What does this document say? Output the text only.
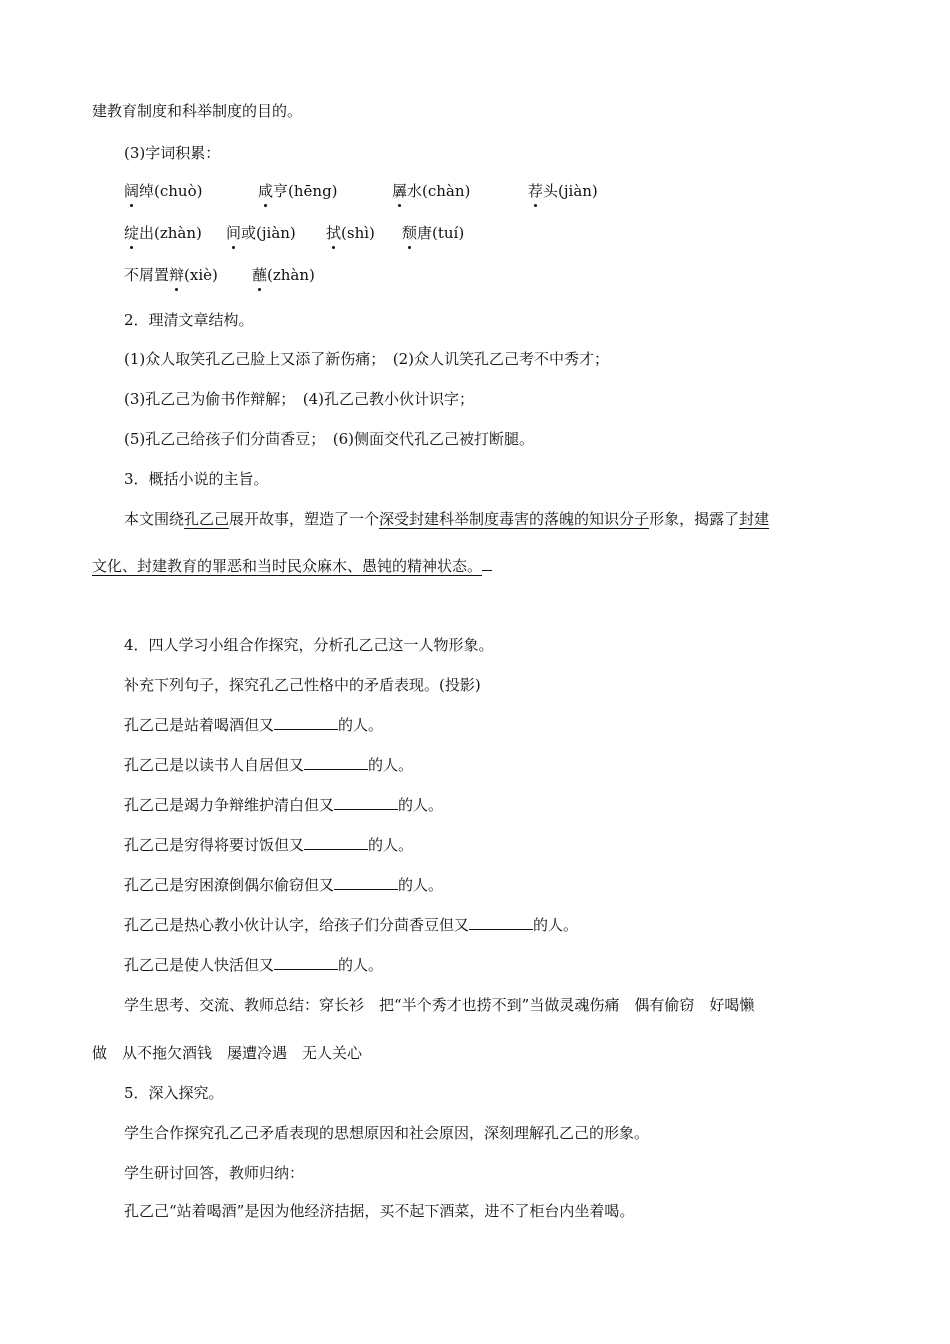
建教育制度和科举制度的目的。
(3)字词积累：
阔绰(chuò)	咸亨(hēng)	羼水(chàn)	荐头(jiàn)
绽出(zhàn) 间或(jiàn) 拭(shì) 颓唐(tuí)
不屑置辩(xiè) 蘸(zhàn)
2．理清文章结构。
(1)众人取笑孔乙己脸上又添了新伤痛；　(2)众人讥笑孔乙己考不中秀才；
(3)孔乙己为偷书作辩解；　(4)孔乙己教小伙计识字；
(5)孔乙己给孩子们分茴香豆；　(6)侧面交代孔乙己被打断腿。
3．概括小说的主旨。
本文围绕孔乙己展开故事，塑造了一个深受封建科举制度毒害的落魄的知识分子形象，揭露了封建
文化、封建教育的罪恶和当时民众麻木、愚钝的精神状态。
4．四人学习小组合作探究，分析孔乙己这一人物形象。
补充下列句子，探究孔乙己性格中的矛盾表现。(投影)
孔乙己是站着喝酒但又	的人。
孔乙己是以读书人自居但又	的人。
孔乙己是竭力争辩维护清白但又	的人。
孔乙己是穷得将要讨饭但又	的人。
孔乙己是穷困潦倒偶尔偷窃但又	的人。
孔乙己是热心教小伙计认字，给孩子们分茴香豆但又	的人。
孔乙己是使人快活但又	的人。
学生思考、交流、教师总结：穿长衫　把“半个秀才也捞不到”当做灵魂伤痛　偶有偷窃　好喝懒
做　从不拖欠酒钱　屡遭冷遇　无人关心
5．深入探究。
学生合作探究孔乙己矛盾表现的思想原因和社会原因，深刻理解孔乙己的形象。
学生研讨回答，教师归纳：
孔乙己“站着喝酒”是因为他经济拮据，买不起下酒菜，进不了柜台内坐着喝。
